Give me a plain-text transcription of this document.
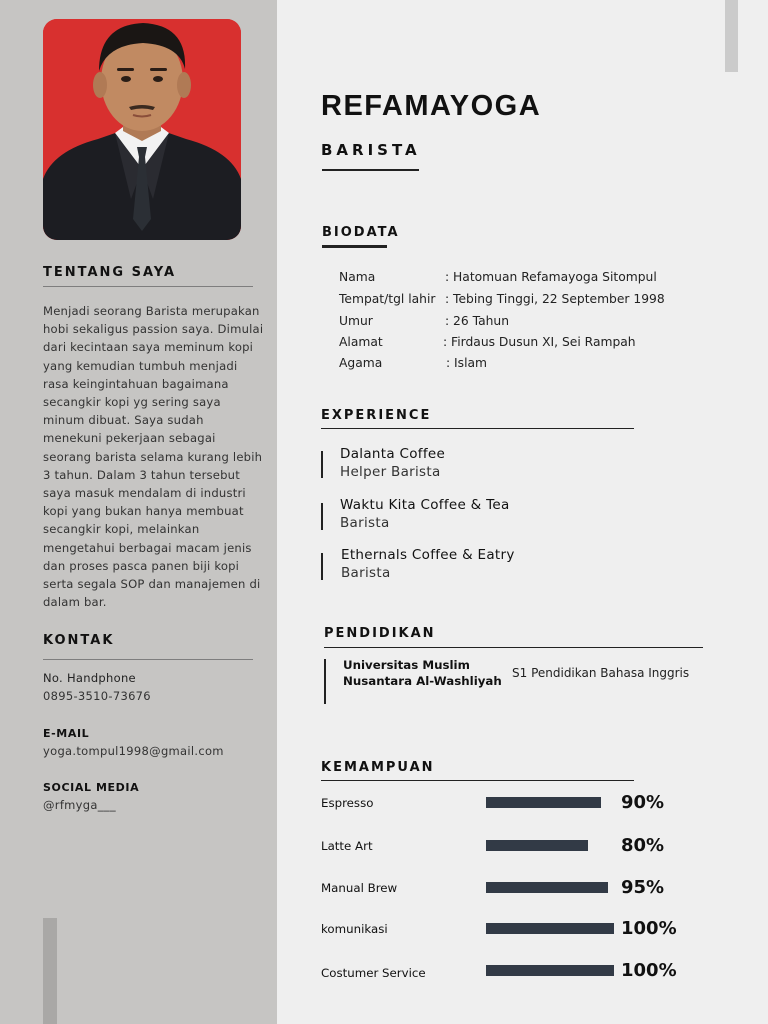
TENTANG SAYA
Menjadi seorang Barista merupakan hobi sekaligus passion saya. Dimulai dari kecintaan saya meminum kopi yang kemudian tumbuh menjadi rasa keingintahuan bagaimana secangkir kopi yg sering saya minum dibuat. Saya sudah menekuni pekerjaan sebagai seorang barista selama kurang lebih 3 tahun. Dalam 3 tahun tersebut saya masuk mendalam di industri kopi yang bukan hanya membuat secangkir kopi, melainkan mengetahui berbagai macam jenis dan proses pasca panen biji kopi serta segala SOP dan manajemen di dalam bar.
KONTAK
No. Handphone
0895-3510-73676
E-MAIL
yoga.tompul1998@gmail.com
SOCIAL MEDIA
@rfmyga___
REFAMAYOGA
BARISTA
BIODATA
Nama	: Hatomuan Refamayoga Sitompul
Tempat/tgl lahir : Tebing Tinggi, 22 September 1998
Umur	: 26 Tahun
Alamat	: Firdaus Dusun XI, Sei Rampah
Agama	: Islam
EXPERIENCE
Dalanta Coffee
Helper Barista
Waktu Kita Coffee & Tea
Barista
Ethernals Coffee & Eatry
Barista
PENDIDIKAN
Universitas Muslim
Nusantara Al-Washliyah
S1 Pendidikan Bahasa Inggris
KEMAMPUAN
Espresso	90%
Latte Art	80%
Manual Brew	95%
komunikasi	100%
Costumer Service	100%
